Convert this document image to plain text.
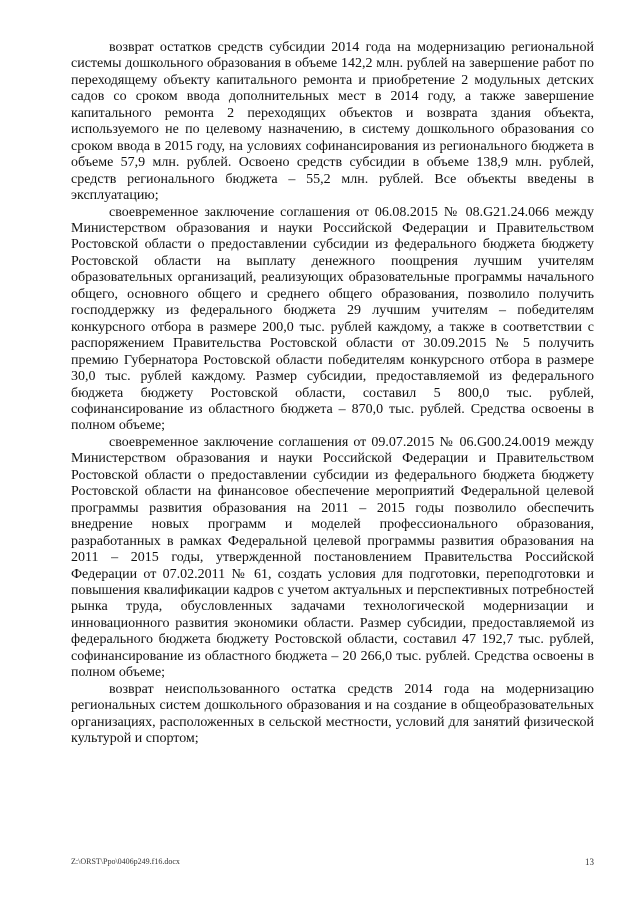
возврат остатков средств субсидии 2014 года на модернизацию региональной системы дошкольного образования в объеме 142,2 млн. рублей на завершение работ по переходящему объекту капитального ремонта и приобретение 2 модульных детских садов со сроком ввода дополнительных мест в 2014 году, а также завершение капитального ремонта 2 переходящих объектов и возврата здания объекта, используемого не по целевому назначению, в систему дошкольного образования со сроком ввода в 2015 году, на условиях софинансирования из регионального бюджета в объеме 57,9 млн. рублей. Освоено средств субсидии в объеме 138,9 млн. рублей, средств регионального бюджета – 55,2 млн. рублей. Все объекты введены в эксплуатацию;

своевременное заключение соглашения от 06.08.2015 № 08.G21.24.066 между Министерством образования и науки Российской Федерации и Правительством Ростовской области о предоставлении субсидии из федерального бюджета бюджету Ростовской области на выплату денежного поощрения лучшим учителям образовательных организаций, реализующих образовательные программы начального общего, основного общего и среднего общего образования, позволило получить господдержку из федерального бюджета 29 лучшим учителям – победителям конкурсного отбора в размере 200,0 тыс. рублей каждому, а также в соответствии с распоряжением Правительства Ростовской области от 30.09.2015 № 5 получить премию Губернатора Ростовской области победителям конкурсного отбора в размере 30,0 тыс. рублей каждому. Размер субсидии, предоставляемой из федерального бюджета бюджету Ростовской области, составил 5 800,0 тыс. рублей, софинансирование из областного бюджета – 870,0 тыс. рублей. Средства освоены в полном объеме;

своевременное заключение соглашения от 09.07.2015 № 06.G00.24.0019 между Министерством образования и науки Российской Федерации и Правительством Ростовской области о предоставлении субсидии из федерального бюджета бюджету Ростовской области на финансовое обеспечение мероприятий Федеральной целевой программы развития образования на 2011 – 2015 годы позволило обеспечить внедрение новых программ и моделей профессионального образования, разработанных в рамках Федеральной целевой программы развития образования на 2011 – 2015 годы, утвержденной постановлением Правительства Российской Федерации от 07.02.2011 № 61, создать условия для подготовки, переподготовки и повышения квалификации кадров с учетом актуальных и перспективных потребностей рынка труда, обусловленных задачами технологической модернизации и инновационного развития экономики области. Размер субсидии, предоставляемой из федерального бюджета бюджету Ростовской области, составил 47 192,7 тыс. рублей, софинансирование из областного бюджета – 20 266,0 тыс. рублей. Средства освоены в полном объеме;

возврат неиспользованного остатка средств 2014 года на модернизацию региональных систем дошкольного образования и на создание в общеобразовательных организациях, расположенных в сельской местности, условий для занятий физической культурой и спортом;

Z:\ORST\Ppo\0406p249.f16.docx	13
